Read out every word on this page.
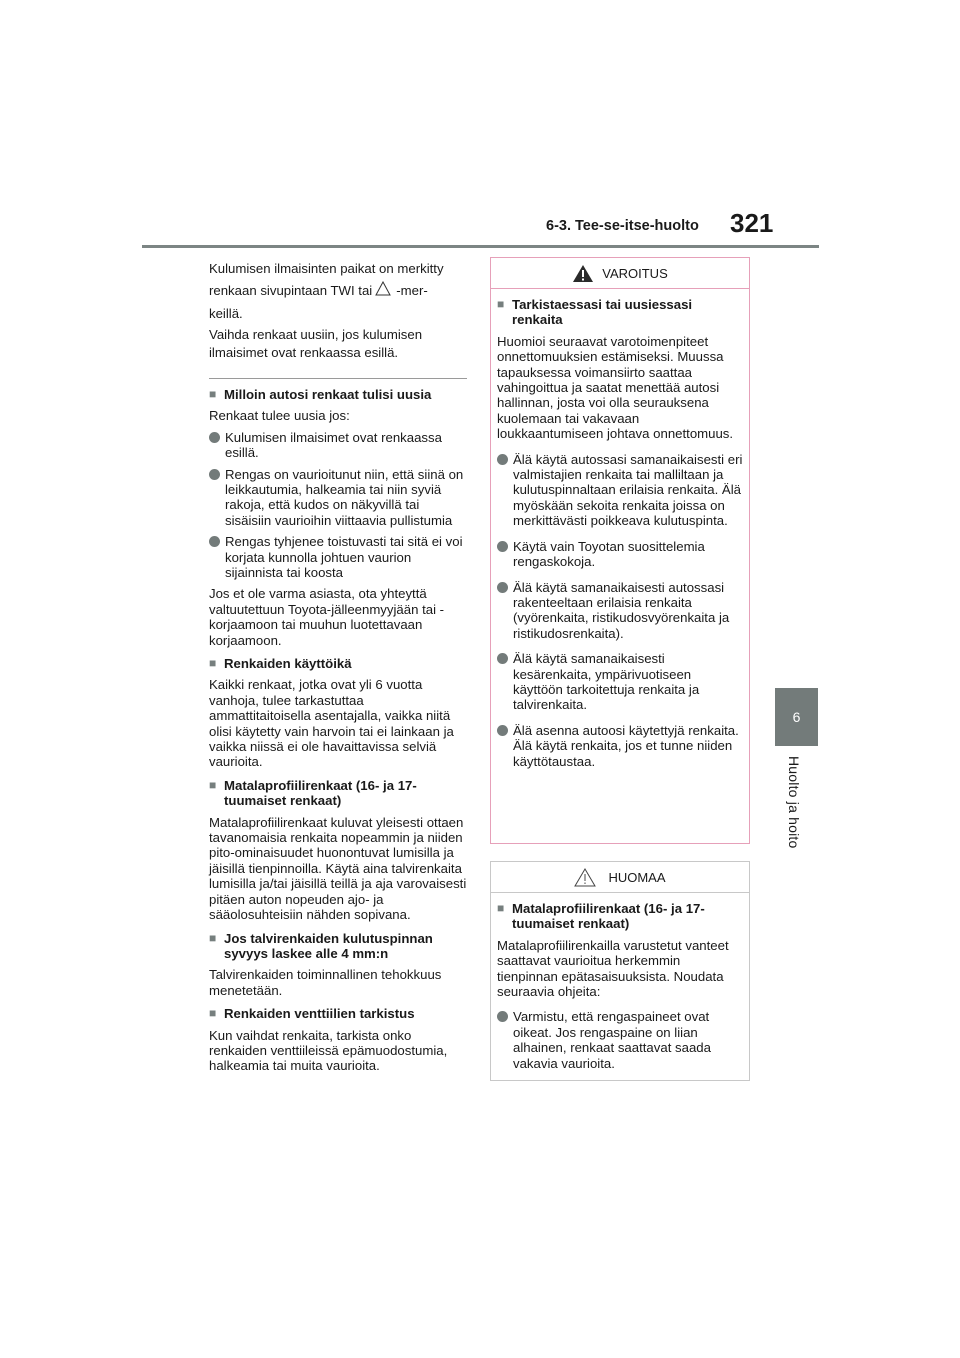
6-3. Tee-se-itse-huolto 321
6
Huolto ja hoito

Kulumisen ilmaisinten paikat on merkitty

renkaan sivupintaan TWI tai -mer-

keillä.

Vaihda renkaat uusiin, jos kulumisen

ilmaisimet ovat renkaassa esillä.

■ Milloin autosi renkaat tulisi uusia

Renkaat tulee uusia jos:

Kulumisen ilmaisimet ovat renkaassa esillä.

Rengas on vaurioitunut niin, että siinä on leikkautumia, halkeamia tai niin syviä rakoja, että kudos on näkyvillä tai sisäisiin vaurioihin viittaavia pullistumia

Rengas tyhjenee toistuvasti tai sitä ei voi korjata kunnolla johtuen vaurion sijainnista tai koosta

Jos et ole varma asiasta, ota yhteyttä valtuutettuun Toyota-jälleenmyyjään tai -korjaamoon tai muuhun luotettavaan korjaamoon.

■ Renkaiden käyttöikä

Kaikki renkaat, jotka ovat yli 6 vuotta vanhoja, tulee tarkastuttaa ammattitaitoisella asentajalla, vaikka niitä olisi käytetty vain harvoin tai ei lainkaan ja vaikka niissä ei ole havaittavissa selviä vaurioita.

■ Matalaprofiilirenkaat (16- ja 17-tuumaiset renkaat)

Matalaprofiilirenkaat kuluvat yleisesti ottaen tavanomaisia renkaita nopeammin ja niiden pito-ominaisuudet huonontuvat lumisilla ja jäisillä tienpinnoilla. Käytä aina talvirenkaita lumisilla ja/tai jäisillä teillä ja aja varovaisesti pitäen auton nopeuden ajo- ja sääolosuhteisiin nähden sopivana.

■ Jos talvirenkaiden kulutuspinnan syvyys laskee alle 4 mm:n

Talvirenkaiden toiminnallinen tehokkuus menetetään.

■ Renkaiden venttiilien tarkistus

Kun vaihdat renkaita, tarkista onko renkaiden venttiileissä epämuodostumia, halkeamia tai muita vaurioita.

VAROITUS

■ Tarkistaessasi tai uusiessasi renkaita

Huomioi seuraavat varotoimenpiteet onnettomuuksien estämiseksi. Muussa tapauksessa voimansiirto saattaa vahingoittua ja saatat menettää autosi hallinnan, josta voi olla seurauksena kuolemaan tai vakavaan loukkaantumiseen johtava onnettomuus.

Älä käytä autossasi samanaikaisesti eri valmistajien renkaita tai malliltaan ja kulutuspinnaltaan erilaisia renkaita. Älä myöskään sekoita renkaita joissa on merkittävästi poikkeava kulutuspinta.

Käytä vain Toyotan suosittelemia rengaskokoja.

Älä käytä samanaikaisesti autossasi rakenteeltaan erilaisia renkaita (vyörenkaita, ristikudosvyörenkaita ja ristikudosrenkaita).

Älä käytä samanaikaisesti kesärenkaita, ympärivuotiseen käyttöön tarkoitettuja renkaita ja talvirenkaita.

Älä asenna autoosi käytettyjä renkaita. Älä käytä renkaita, jos et tunne niiden käyttötaustaa.

HUOMAA

■ Matalaprofiilirenkaat (16- ja 17-tuumaiset renkaat)

Matalaprofiilirenkailla varustetut vanteet saattavat vaurioitua herkemmin tienpinnan epätasaisuuksista. Noudata seuraavia ohjeita:

Varmistu, että rengaspaineet ovat oikeat. Jos rengaspaine on liian alhainen, renkaat saattavat saada vakavia vaurioita.
